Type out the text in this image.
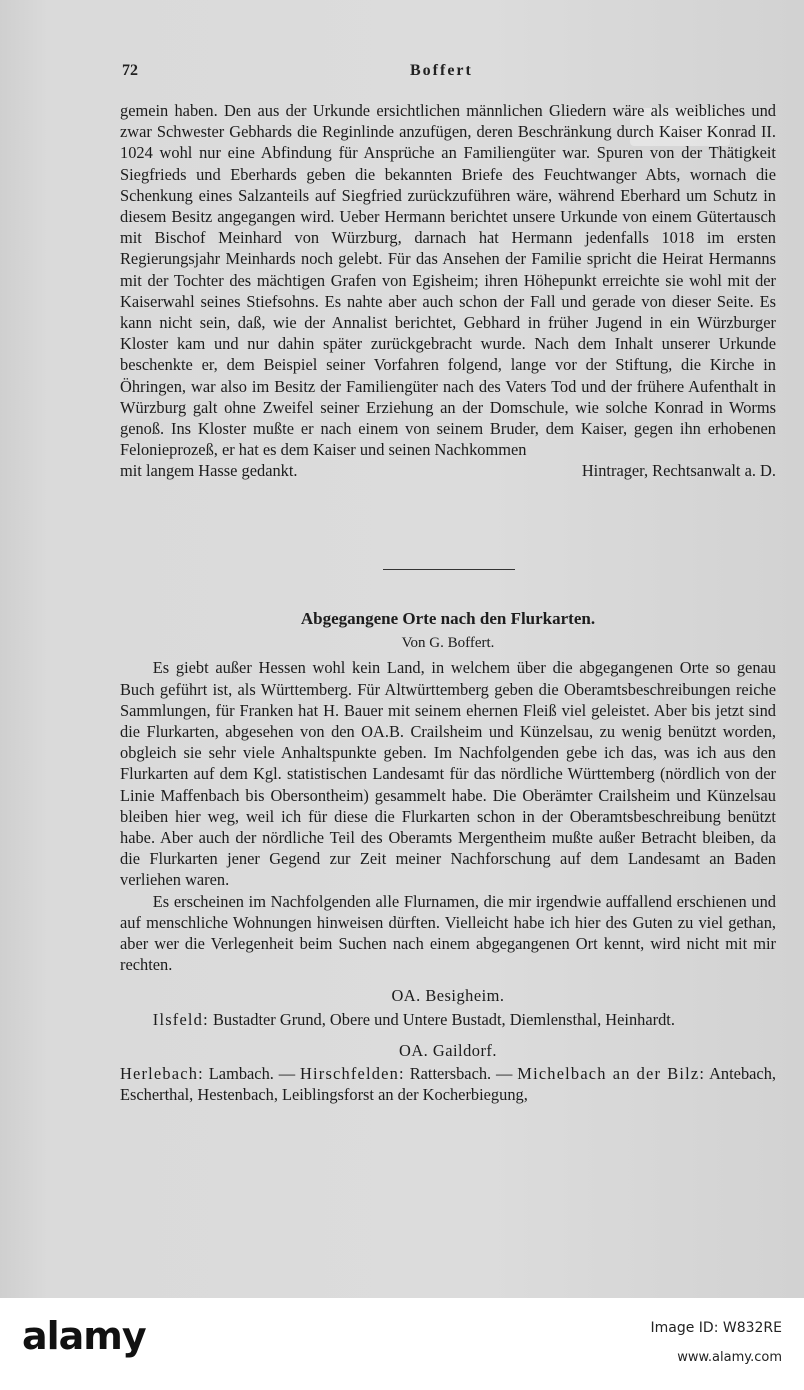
72	Boffert

gemein haben. Den aus der Urkunde ersichtlichen männlichen Gliedern wäre als weibliches und zwar Schwester Gebhards die Reginlinde anzufügen, deren Beschränkung durch Kaiser Konrad II. 1024 wohl nur eine Abfindung für Ansprüche an Familiengüter war. Spuren von der Thätigkeit Siegfrieds und Eberhards geben die bekannten Briefe des Feuchtwanger Abts, wornach die Schenkung eines Salzanteils auf Siegfried zurückzuführen wäre, während Eberhard um Schutz in diesem Besitz angegangen wird. Ueber Hermann berichtet unsere Urkunde von einem Gütertausch mit Bischof Meinhard von Würzburg, darnach hat Hermann jedenfalls 1018 im ersten Regierungsjahr Meinhards noch gelebt. Für das Ansehen der Familie spricht die Heirat Hermanns mit der Tochter des mächtigen Grafen von Egisheim; ihren Höhepunkt erreichte sie wohl mit der Kaiserwahl seines Stiefsohns. Es nahte aber auch schon der Fall und gerade von dieser Seite. Es kann nicht sein, daß, wie der Annalist berichtet, Gebhard in früher Jugend in ein Würzburger Kloster kam und nur dahin später zurückgebracht wurde. Nach dem Inhalt unserer Urkunde beschenkte er, dem Beispiel seiner Vorfahren folgend, lange vor der Stiftung, die Kirche in Öhringen, war also im Besitz der Familiengüter nach des Vaters Tod und der frühere Aufenthalt in Würzburg galt ohne Zweifel seiner Erziehung an der Domschule, wie solche Konrad in Worms genoß. Ins Kloster mußte er nach einem von seinem Bruder, dem Kaiser, gegen ihn erhobenen Felonieprozeß, er hat es dem Kaiser und seinen Nachkommen

mit langem Hasse gedankt.	Hintrager, Rechtsanwalt a. D.

Abgegangene Orte nach den Flurkarten.

Von G. Boffert.

Es giebt außer Hessen wohl kein Land, in welchem über die abgegangenen Orte so genau Buch geführt ist, als Württemberg. Für Altwürttemberg geben die Oberamtsbeschreibungen reiche Sammlungen, für Franken hat H. Bauer mit seinem ehernen Fleiß viel geleistet. Aber bis jetzt sind die Flurkarten, abgesehen von den OA.B. Crailsheim und Künzelsau, zu wenig benützt worden, obgleich sie sehr viele Anhaltspunkte geben. Im Nachfolgenden gebe ich das, was ich aus den Flurkarten auf dem Kgl. statistischen Landesamt für das nördliche Württemberg (nördlich von der Linie Maffenbach bis Obersontheim) gesammelt habe. Die Oberämter Crailsheim und Künzelsau bleiben hier weg, weil ich für diese die Flurkarten schon in der Oberamtsbeschreibung benützt habe. Aber auch der nördliche Teil des Oberamts Mergentheim mußte außer Betracht bleiben, da die Flurkarten jener Gegend zur Zeit meiner Nachforschung auf dem Landesamt an Baden verliehen waren.

Es erscheinen im Nachfolgenden alle Flurnamen, die mir irgendwie auffallend erschienen und auf menschliche Wohnungen hinweisen dürften. Vielleicht habe ich hier des Guten zu viel gethan, aber wer die Verlegenheit beim Suchen nach einem abgegangenen Ort kennt, wird nicht mit mir rechten.

OA. Besigheim.

Ilsfeld: Bustadter Grund, Obere und Untere Bustadt, Diemlensthal, Heinhardt.

OA. Gaildorf.

Herlebach: Lambach. — Hirschfelden: Rattersbach. — Michelbach an der Bilz: Antebach, Escherthal, Hestenbach, Leiblingsforst an der Kocherbiegung,

alamy	Image ID: W832RE
www.alamy.com
